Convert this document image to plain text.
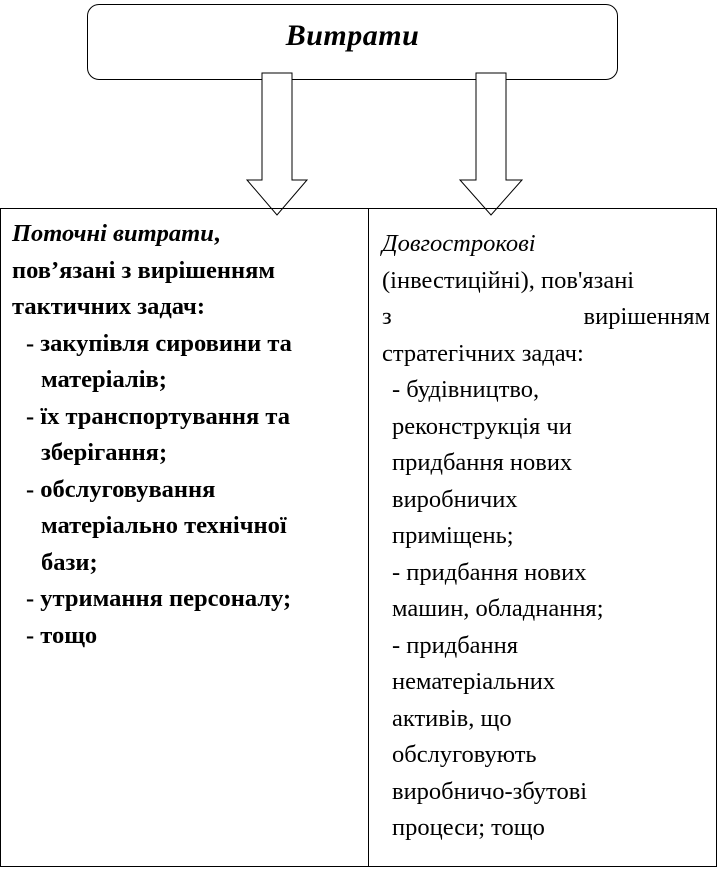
Витрати
Поточні витрати,
пов’язані з вирішенням
тактичних задач:
- закупівля сировини та
матеріалів;
- їх транспортування та
зберігання;
- обслуговування
матеріально технічної
бази;
- утримання персоналу;
- тощо
Довгострокові
(інвестиційні), пов'язані
з	вирішенням
стратегічних задач:
- будівництво,
реконструкція чи
придбання нових
виробничих
приміщень;
- придбання нових
машин, обладнання;
- придбання
нематеріальних
активів, що
обслуговують
виробничо-збутові
процеси; тощо
